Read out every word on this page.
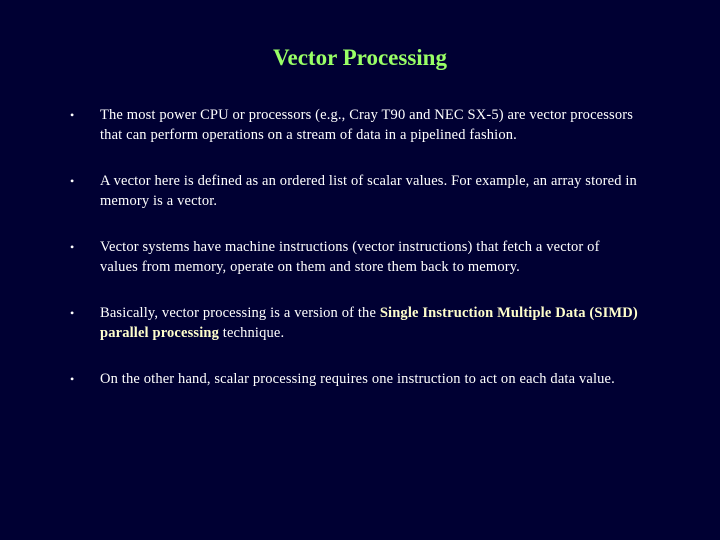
Vector Processing
•	The most power CPU or processors (e.g., Cray T90 and NEC SX-5) are vector processors that can perform operations on a stream of data in a pipelined fashion.
•	A vector here is defined as an ordered list of scalar values. For example, an array stored in memory is a vector.
•	Vector systems have machine instructions (vector instructions) that fetch a vector of values from memory, operate on them and store them back to memory.
•	Basically, vector processing is a version of the Single Instruction Multiple Data (SIMD) parallel processing technique.
•	On the other hand, scalar processing requires one instruction to act on each data value.
